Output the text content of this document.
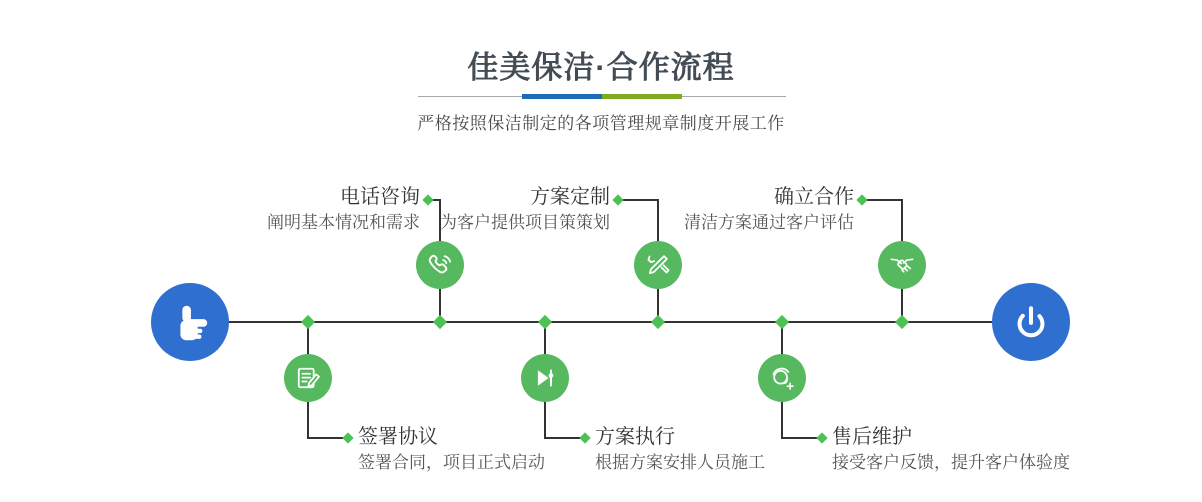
佳美保洁·合作流程
严格按照保洁制定的各项管理规章制度开展工作
电话咨询
阐明基本情况和需求
方案定制
为客户提供项目策策划
确立合作
清洁方案通过客户评估
签署协议
签署合同，项目正式启动
方案执行
根据方案安排人员施工
售后维护
接受客户反馈，提升客户体验度
